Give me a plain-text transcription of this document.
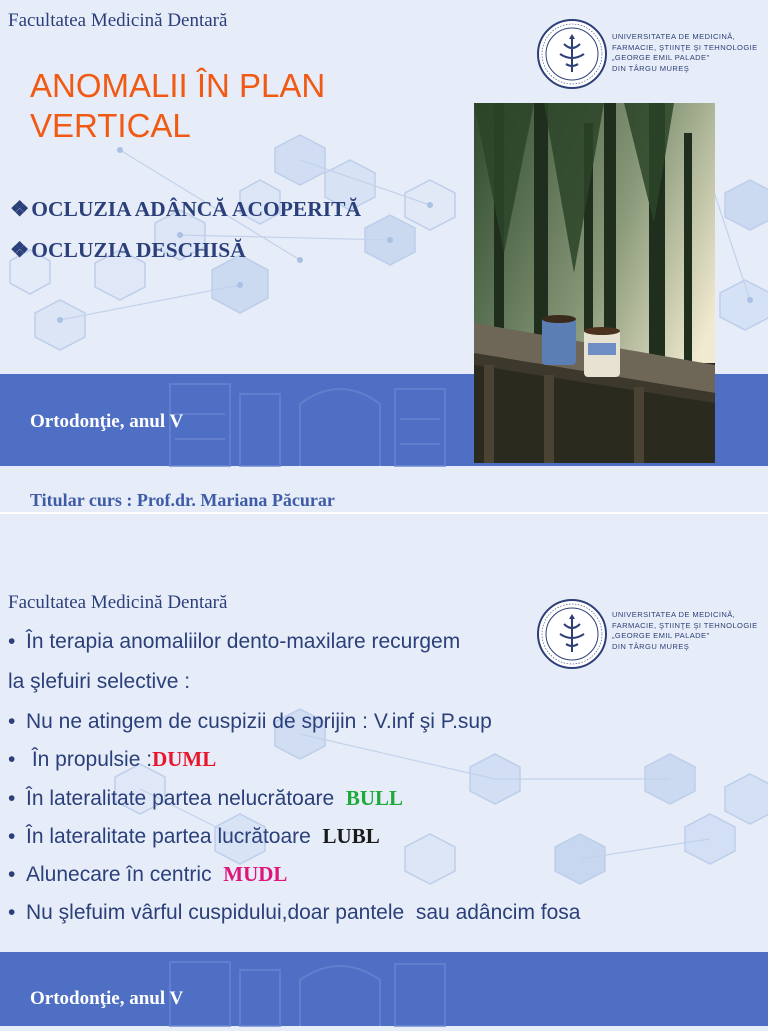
Facultatea Medicină Dentară
UNIVERSITATEA DE MEDICINĂ,
FARMACIE, ŞTIINŢE ŞI TEHNOLOGIE
„GEORGE EMIL PALADE"
DIN TÂRGU MUREŞ
ANOMALII ÎN PLAN
VERTICAL
❖OCLUZIA ADÂNCĂ ACOPERITĂ
❖OCLUZIA DESCHISĂ
Ortodonţie, anul V
Titular curs : Prof.dr. Mariana Păcurar
Facultatea Medicină Dentară
UNIVERSITATEA DE MEDICINĂ,
FARMACIE, ŞTIINŢE ŞI TEHNOLOGIE
„GEORGE EMIL PALADE"
DIN TÂRGU MUREŞ
Ortodonţie, anul V
• În terapia anomaliilor dento-maxilare recurgem
la şlefuiri selective :
• Nu ne atingem de cuspizii de sprijin : V.inf şi P.sup
• În propulsie :DUML
• În lateralitate partea nelucrătoare  BULL
• În lateralitate partea lucrătoare  LUBL
• Alunecare în centric  MUDL
• Nu şlefuim vârful cuspidului,doar pantele  sau adâncim fosa
